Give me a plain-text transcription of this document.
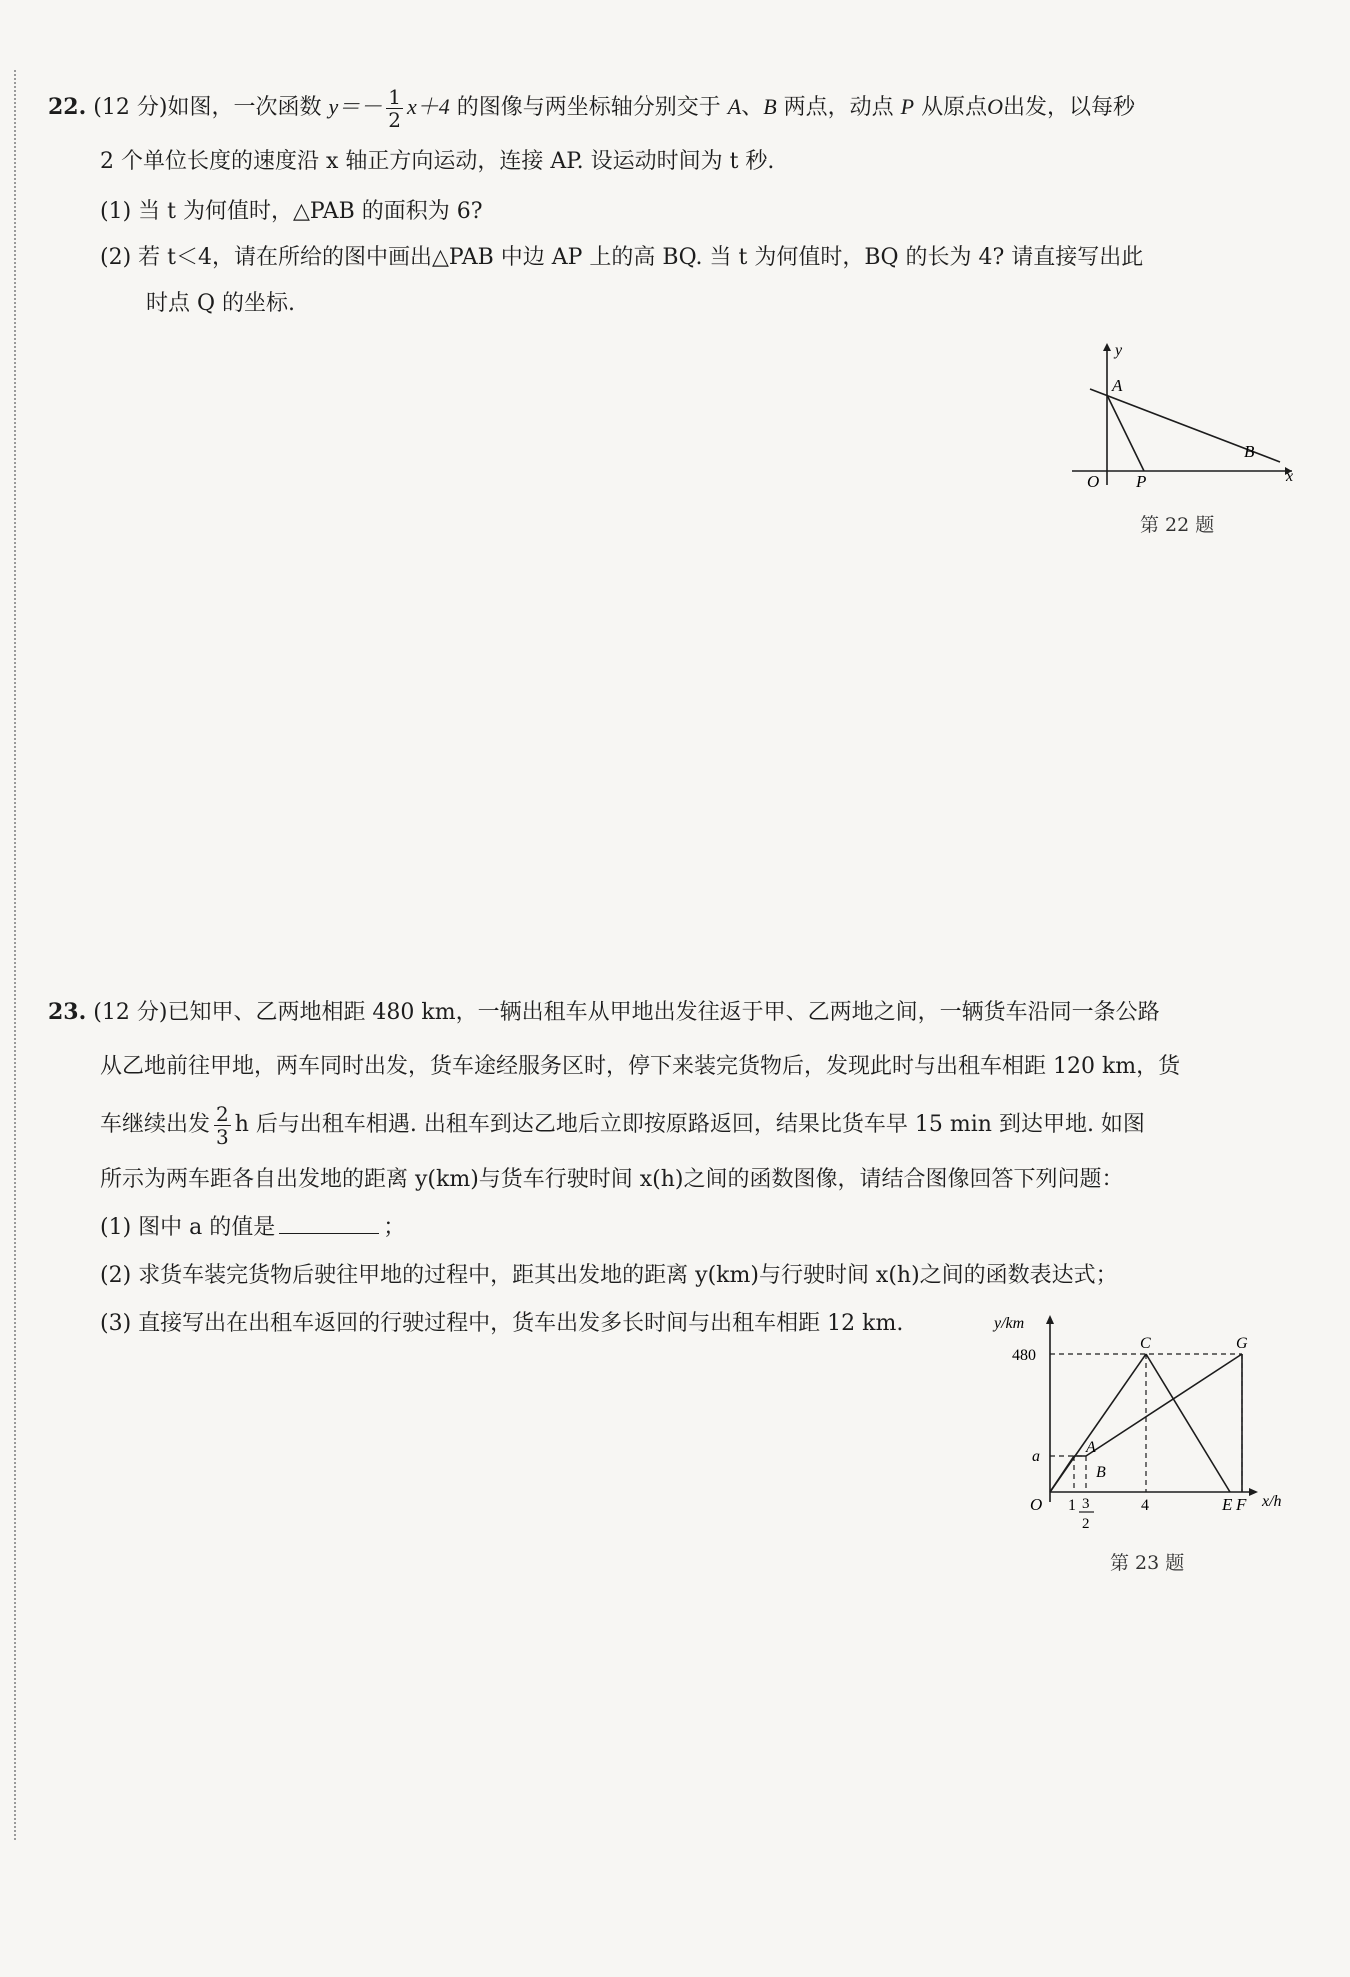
22. (12 分)如图，一次函数 $y=- \frac{1}{2} x+4$ 的图像与两坐标轴分别交于 A、B 两点，动点 P 从原点O出发，以每秒
2 个单位长度的速度沿 x 轴正方向运动，连接 AP. 设运动时间为 t 秒.
(1) 当 t 为何值时，△PAB 的面积为 6?
(2) 若 t＜4，请在所给的图中画出△PAB 中边 AP 上的高 BQ. 当 t 为何值时，BQ 的长为 4? 请直接写出此
时点 Q 的坐标.
y
x
A
B
O P
第 22 题
23. (12 分)已知甲、乙两地相距 480 km，一辆出租车从甲地出发往返于甲、乙两地之间，一辆货车沿同一条公路
从乙地前往甲地，两车同时出发，货车途经服务区时，停下来装完货物后，发现此时与出租车相距 120 km，货
车继续出发 $\frac{2}{3}$ h 后与出租车相遇. 出租车到达乙地后立即按原路返回，结果比货车早 15 min 到达甲地. 如图
所示为两车距各自出发地的距离 y(km)与货车行驶时间 x(h)之间的函数图像，请结合图像回答下列问题：
(1) 图中 a 的值是	；
(2) 求货车装完货物后驶往甲地的过程中，距其出发地的距离 y(km)与行驶时间 x(h)之间的函数表达式；
(3) 直接写出在出租车返回的行驶过程中，货车出发多长时间与出租车相距 12 km.	y/km
x/h
480
a
O 1 3
2
4	E F
A
B
C	G
第 23 题
